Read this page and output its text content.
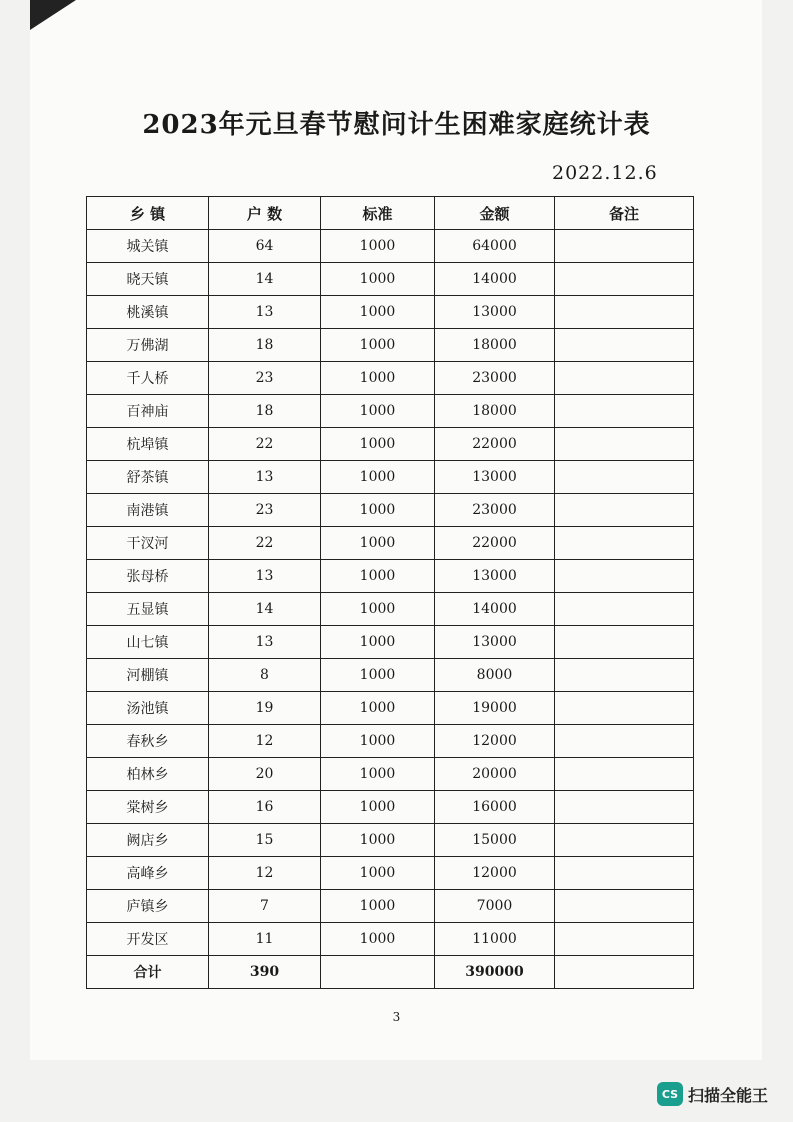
2023年元旦春节慰问计生困难家庭统计表
2022.12.6
乡 镇	户 数	标准	金额	备注
城关镇	64	1000	64000	
晓天镇	14	1000	14000	
桃溪镇	13	1000	13000	
万佛湖	18	1000	18000	
千人桥	23	1000	23000	
百神庙	18	1000	18000	
杭埠镇	22	1000	22000	
舒茶镇	13	1000	13000	
南港镇	23	1000	23000	
干汊河	22	1000	22000	
张母桥	13	1000	13000	
五显镇	14	1000	14000	
山七镇	13	1000	13000	
河棚镇	8	1000	8000	
汤池镇	19	1000	19000	
春秋乡	12	1000	12000	
柏林乡	20	1000	20000	
棠树乡	16	1000	16000	
阙店乡	15	1000	15000	
高峰乡	12	1000	12000	
庐镇乡	7	1000	7000	
开发区	11	1000	11000	
合计	390		390000	
3
CS 扫描全能王
